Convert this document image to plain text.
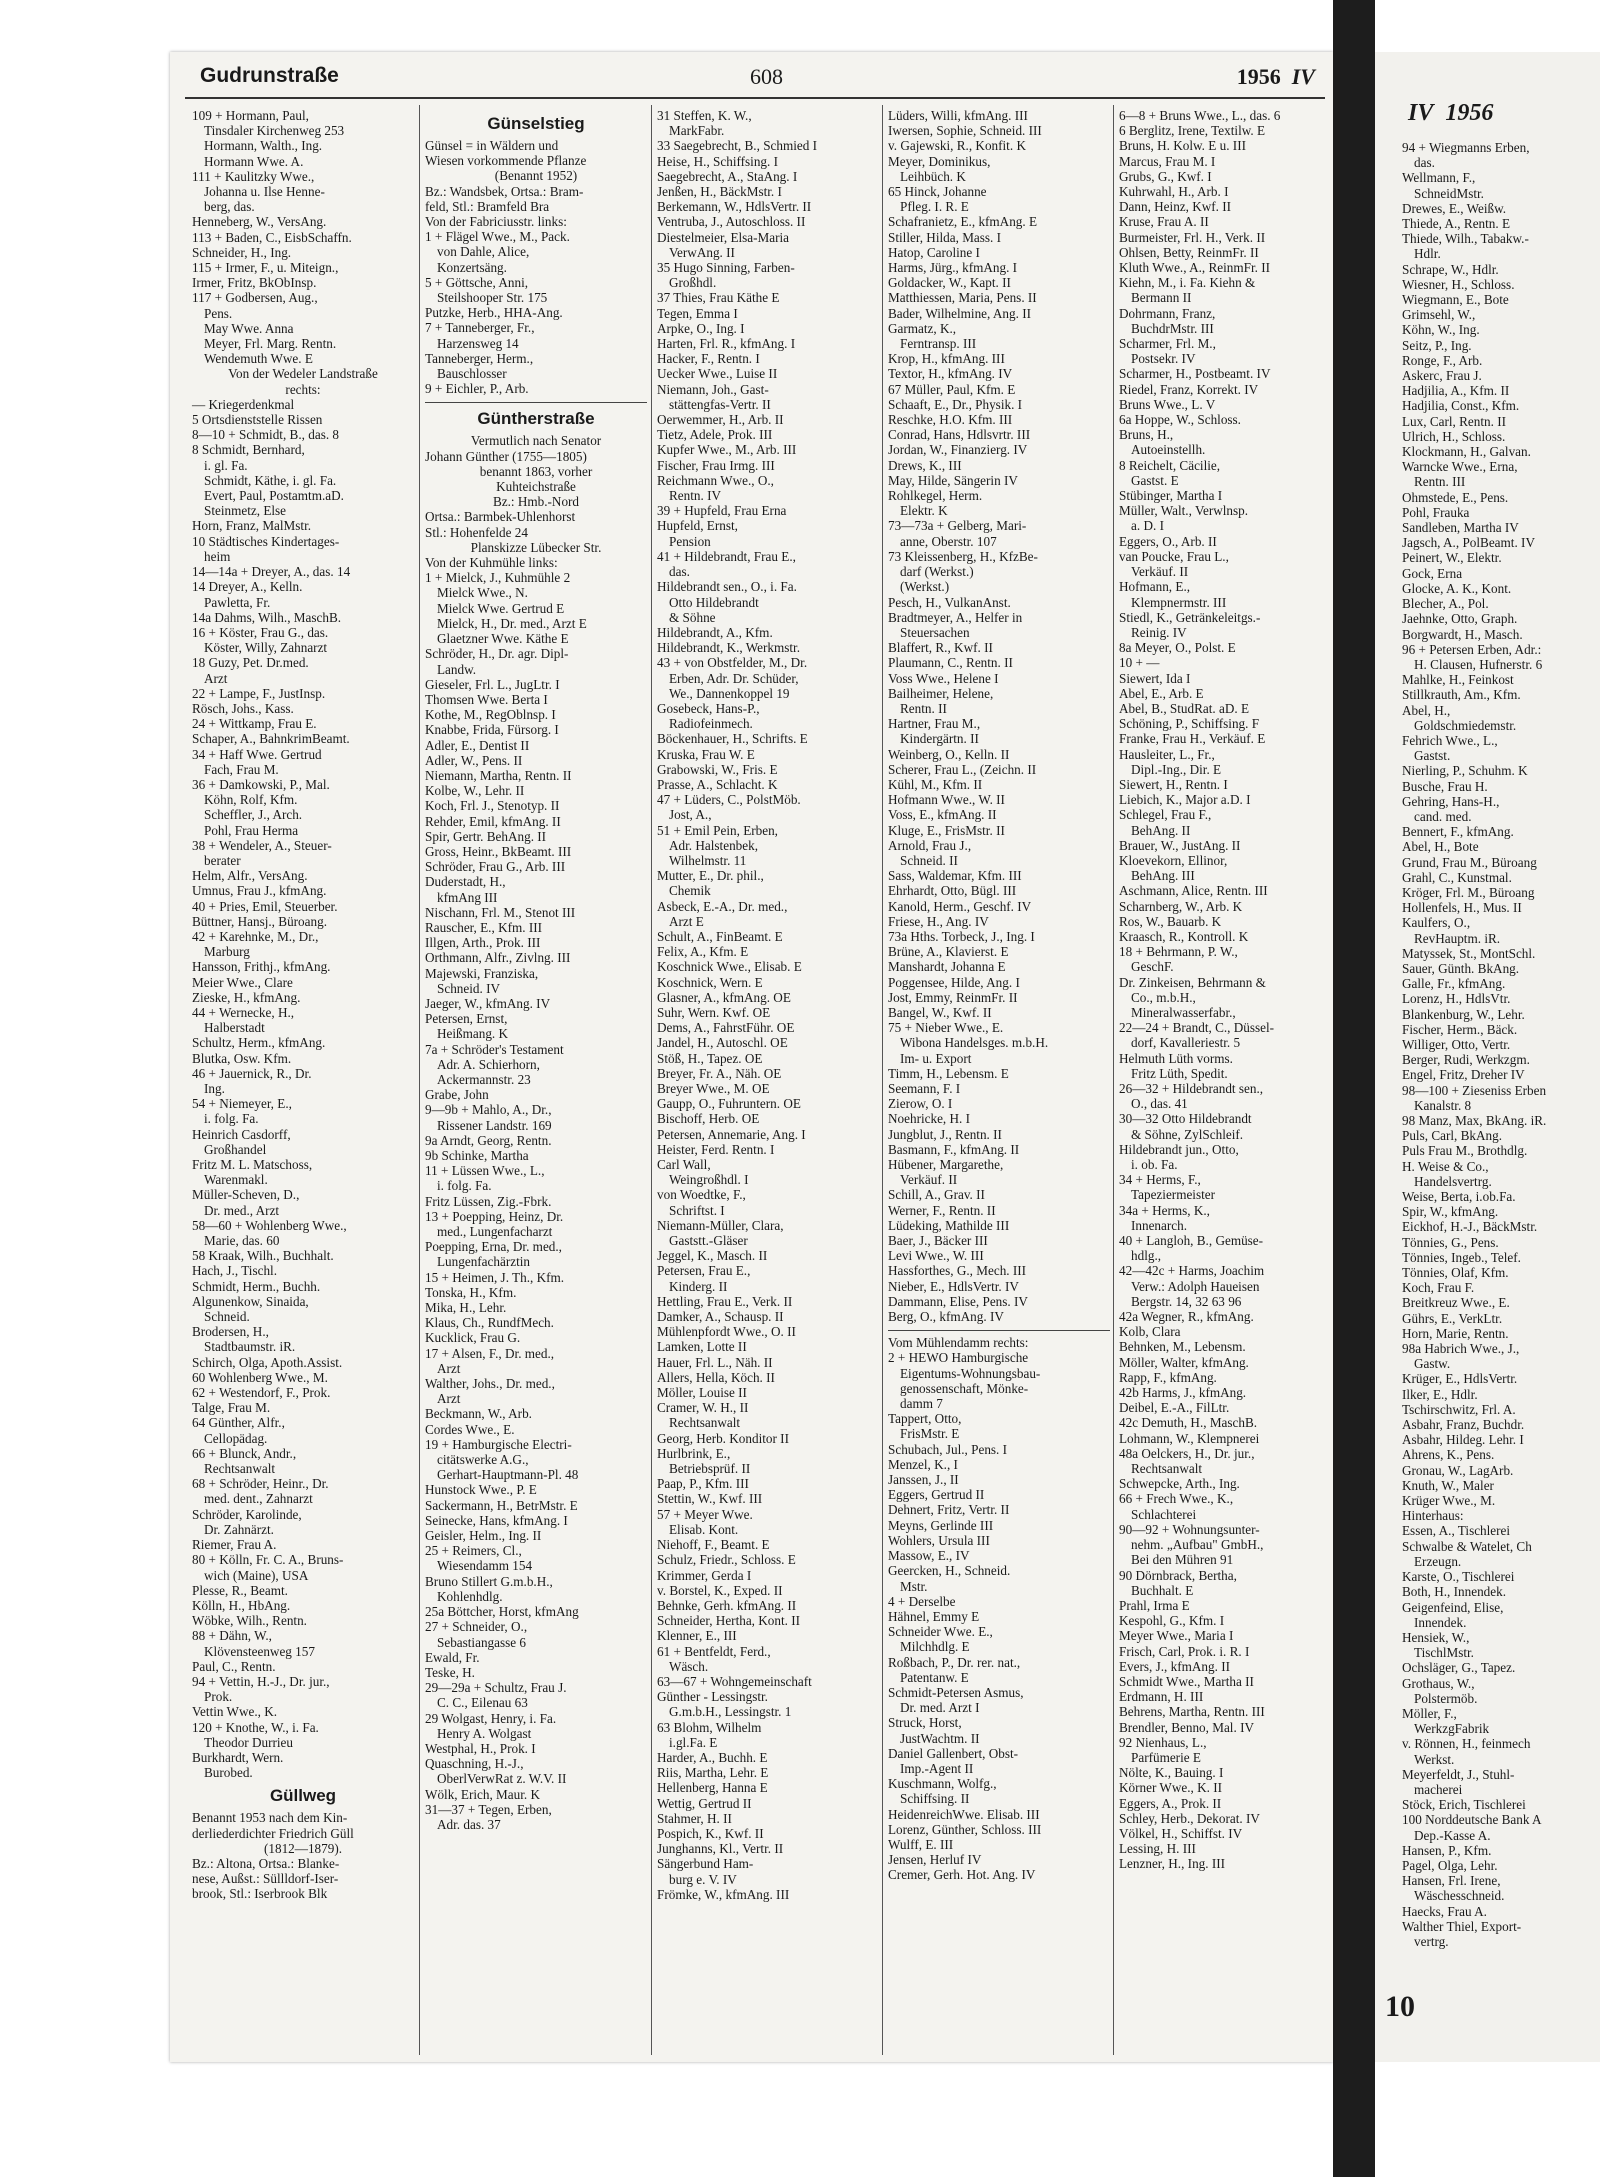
Gudrunstraße	608	1956 IV
IV 1956

109 + Hormann, Paul,

Tinsdaler Kirchenweg 253

Hormann, Walth., Ing.

Hormann Wwe. A.

111 + Kaulitzky Wwe.,

Johanna u. Ilse Henne-

berg, das.

Henneberg, W., VersAng.

113 + Baden, C., EisbSchaffn.

Schneider, H., Ing.

115 + Irmer, F., u. Miteign.,

Irmer, Fritz, BkObInsp.

117 + Godbersen, Aug.,

Pens.

May Wwe. Anna

Meyer, Frl. Marg. Rentn.

Wendemuth Wwe. E

Von der Wedeler Landstraße

rechts:

— Kriegerdenkmal

5 Ortsdienststelle Rissen

8—10 + Schmidt, B., das. 8

8 Schmidt, Bernhard,

i. gl. Fa.

Schmidt, Käthe, i. gl. Fa.

Evert, Paul, Postamtm.aD.

Steinmetz, Else

Horn, Franz, MalMstr.

10 Städtisches Kindertages-

heim

14—14a + Dreyer, A., das. 14

14 Dreyer, A., Kelln.

Pawletta, Fr.

14a Dahms, Wilh., MaschB.

16 + Köster, Frau G., das.

Köster, Willy, Zahnarzt

18 Guzy, Pet. Dr.med.

Arzt

22 + Lampe, F., JustInsp.

Rösch, Johs., Kass.

24 + Wittkamp, Frau E.

Schaper, A., BahnkrimBeamt.

34 + Haff Wwe. Gertrud

Fach, Frau M.

36 + Damkowski, P., Mal.

Köhn, Rolf, Kfm.

Scheffler, J., Arch.

Pohl, Frau Herma

38 + Wendeler, A., Steuer-

berater

Helm, Alfr., VersAng.

Umnus, Frau J., kfmAng.

40 + Pries, Emil, Steuerber.

Büttner, Hansj., Büroang.

42 + Karehnke, M., Dr.,

Marburg

Hansson, Frithj., kfmAng.

Meier Wwe., Clare

Zieske, H., kfmAng.

44 + Wernecke, H.,

Halberstadt

Schultz, Herm., kfmAng.

Blutka, Osw. Kfm.

46 + Jauernick, R., Dr.

Ing.

54 + Niemeyer, E.,

i. folg. Fa.

Heinrich Casdorff,

Großhandel

Fritz M. L. Matschoss,

Warenmakl.

Müller-Scheven, D.,

Dr. med., Arzt

58—60 + Wohlenberg Wwe.,

Marie, das. 60

58 Kraak, Wilh., Buchhalt.

Hach, J., Tischl.

Schmidt, Herm., Buchh.

Algunenkow, Sinaida,

Schneid.

Brodersen, H.,

Stadtbaumstr. iR.

Schirch, Olga, Apoth.Assist.

60 Wohlenberg Wwe., M.

62 + Westendorf, F., Prok.

Talge, Frau M.

64 Günther, Alfr.,

Cellopädag.

66 + Blunck, Andr.,

Rechtsanwalt

68 + Schröder, Heinr., Dr.

med. dent., Zahnarzt

Schröder, Karolinde,

Dr. Zahnärzt.

Riemer, Frau A.

80 + Kölln, Fr. C. A., Bruns-

wich (Maine), USA

Plesse, R., Beamt.

Kölln, H., HbAng.

Wöbke, Wilh., Rentn.

88 + Dähn, W.,

Klövensteenweg 157

Paul, C., Rentn.

94 + Vettin, H.-J., Dr. jur.,

Prok.

Vettin Wwe., K.

120 + Knothe, W., i. Fa.

Theodor Durrieu

Burkhardt, Wern.

Burobed.

Güllweg

Benannt 1953 nach dem Kin-

derliederdichter Friedrich Güll

(1812—1879).

Bz.: Altona, Ortsa.: Blanke-

nese, Außst.: Süllldorf-Iser-

brook, Stl.: Iserbrook Blk

Günselstieg

Günsel = in Wäldern und

Wiesen vorkommende Pflanze

(Benannt 1952)

Bz.: Wandsbek, Ortsa.: Bram-

feld, Stl.: Bramfeld Bra

Von der Fabriciusstr. links:

1 + Flägel Wwe., M., Pack.

von Dahle, Alice,

Konzertsäng.

5 + Göttsche, Anni,

Steilshooper Str. 175

Putzke, Herb., HHA-Ang.

7 + Tanneberger, Fr.,

Harzensweg 14

Tanneberger, Herm.,

Bauschlosser

9 + Eichler, P., Arb.

Güntherstraße

Vermutlich nach Senator

Johann Günther (1755—1805)

benannt 1863, vorher

Kuhteichstraße

Bz.: Hmb.-Nord

Ortsa.: Barmbek-Uhlenhorst

Stl.: Hohenfelde 24

Planskizze Lübecker Str.

Von der Kuhmühle links:

1 + Mielck, J., Kuhmühle 2

Mielck Wwe., N.

Mielck Wwe. Gertrud E

Mielck, H., Dr. med., Arzt E

Glaetzner Wwe. Käthe E

Schröder, H., Dr. agr. Dipl-

Landw.

Gieseler, Frl. L., JugLtr. I

Thomsen Wwe. Berta I

Kothe, M., RegOblnsp. I

Knabbe, Frida, Fürsorg. I

Adler, E., Dentist II

Adler, W., Pens. II

Niemann, Martha, Rentn. II

Kolbe, W., Lehr. II

Koch, Frl. J., Stenotyp. II

Rehder, Emil, kfmAng. II

Spir, Gertr. BehAng. II

Gross, Heinr., BkBeamt. III

Schröder, Frau G., Arb. III

Duderstadt, H.,

kfmAng III

Nischann, Frl. M., Stenot III

Rauscher, E., Kfm. III

Illgen, Arth., Prok. III

Orthmann, Alfr., Zivlng. III

Majewski, Franziska,

Schneid. IV

Jaeger, W., kfmAng. IV

Petersen, Ernst,

Heißmang. K

7a + Schröder's Testament

Adr. A. Schierhorn,

Ackermannstr. 23

Grabe, John

9—9b + Mahlo, A., Dr.,

Rissener Landstr. 169

9a Arndt, Georg, Rentn.

9b Schinke, Martha

11 + Lüssen Wwe., L.,

i. folg. Fa.

Fritz Lüssen, Zig.-Fbrk.

13 + Poepping, Heinz, Dr.

med., Lungenfacharzt

Poepping, Erna, Dr. med.,

Lungenfachärztin

15 + Heimen, J. Th., Kfm.

Tonska, H., Kfm.

Mika, H., Lehr.

Klaus, Ch., RundfMech.

Kucklick, Frau G.

17 + Alsen, F., Dr. med.,

Arzt

Walther, Johs., Dr. med.,

Arzt

Beckmann, W., Arb.

Cordes Wwe., E.

19 + Hamburgische Electri-

citätswerke A.G.,

Gerhart-Hauptmann-Pl. 48

Hunstock Wwe., P. E

Sackermann, H., BetrMstr. E

Seinecke, Hans, kfmAng. I

Geisler, Helm., Ing. II

25 + Reimers, Cl.,

Wiesendamm 154

Bruno Stillert G.m.b.H.,

Kohlenhdlg.

25a Böttcher, Horst, kfmAng

27 + Schneider, O.,

Sebastiangasse 6

Ewald, Fr.

Teske, H.

29—29a + Schultz, Frau J.

C. C., Eilenau 63

29 Wolgast, Henry, i. Fa.

Henry A. Wolgast

Westphal, H., Prok. I

Quaschning, H.-J.,

OberlVerwRat z. W.V. II

Wölk, Erich, Maur. K

31—37 + Tegen, Erben,

Adr. das. 37

31 Steffen, K. W.,

MarkFabr.

33 Saegebrecht, B., Schmied I

Heise, H., Schiffsing. I

Saegebrecht, A., StaAng. I

Jenßen, H., BäckMstr. I

Berkemann, W., HdlsVertr. II

Ventruba, J., Autoschloss. II

Diestelmeier, Elsa-Maria

VerwAng. II

35 Hugo Sinning, Farben-

Großhdl.

37 Thies, Frau Käthe E

Tegen, Emma I

Arpke, O., Ing. I

Harten, Frl. R., kfmAng. I

Hacker, F., Rentn. I

Uecker Wwe., Luise II

Niemann, Joh., Gast-

stättengfas-Vertr. II

Oerwemmer, H., Arb. II

Tietz, Adele, Prok. III

Kupfer Wwe., M., Arb. III

Fischer, Frau Irmg. III

Reichmann Wwe., O.,

Rentn. IV

39 + Hupfeld, Frau Erna

Hupfeld, Ernst,

Pension

41 + Hildebrandt, Frau E.,

das.

Hildebrandt sen., O., i. Fa.

Otto Hildebrandt

& Söhne

Hildebrandt, A., Kfm.

Hildebrandt, K., Werkmstr.

43 + von Obstfelder, M., Dr.

Erben, Adr. Dr. Schüder,

We., Dannenkoppel 19

Gosebeck, Hans-P.,

Radiofeinmech.

Böckenhauer, H., Schrifts. E

Kruska, Frau W. E

Grabowski, W., Fris. E

Prasse, A., Schlacht. K

47 + Lüders, C., PolstMöb.

Jost, A.,

51 + Emil Pein, Erben,

Adr. Halstenbek,

Wilhelmstr. 11

Mutter, E., Dr. phil.,

Chemik

Asbeck, E.-A., Dr. med.,

Arzt E

Schult, A., FinBeamt. E

Felix, A., Kfm. E

Koschnick Wwe., Elisab. E

Koschnick, Wern. E

Glasner, A., kfmAng. OE

Suhr, Wern. Kwf. OE

Dems, A., FahrstFühr. OE

Jandel, H., Autoschl. OE

Stöß, H., Tapez. OE

Breyer, Fr. A., Näh. OE

Breyer Wwe., M. OE

Gaupp, O., Fuhruntern. OE

Bischoff, Herb. OE

Petersen, Annemarie, Ang. I

Heister, Ferd. Rentn. I

Carl Wall,

Weingroßhdl. I

von Woedtke, F.,

Schriftst. I

Niemann-Müller, Clara,

Gaststt.-Gläser

Jeggel, K., Masch. II

Petersen, Frau E.,

Kinderg. II

Hettling, Frau E., Verk. II

Damker, A., Schausp. II

Mühlenpfordt Wwe., O. II

Lamken, Lotte II

Hauer, Frl. L., Näh. II

Allers, Hella, Köch. II

Möller, Louise II

Cramer, W. H., II

Rechtsanwalt

Georg, Herb. Konditor II

Hurlbrink, E.,

Betriebsprüf. II

Paap, P., Kfm. III

Stettin, W., Kwf. III

57 + Meyer Wwe.

Elisab. Kont.

Niehoff, F., Beamt. E

Schulz, Friedr., Schloss. E

Krimmer, Gerda I

v. Borstel, K., Exped. II

Behnke, Gerh. kfmAng. II

Schneider, Hertha, Kont. II

Klenner, E., III

61 + Bentfeldt, Ferd.,

Wäsch.

63—67 + Wohngemeinschaft

Günther - Lessingstr.

G.m.b.H., Lessingstr. 1

63 Blohm, Wilhelm

i.gl.Fa. E

Harder, A., Buchh. E

Riis, Martha, Lehr. E

Hellenberg, Hanna E

Wettig, Gertrud II

Stahmer, H. II

Pospich, K., Kwf. II

Junghanns, Kl., Vertr. II

Sängerbund Ham-

burg e. V. IV

Frömke, W., kfmAng. III

Lüders, Willi, kfmAng. III

Iwersen, Sophie, Schneid. III

v. Gajewski, R., Konfit. K

Meyer, Dominikus,

Leihbüch. K

65 Hinck, Johanne

Pfleg. I. R. E

Schafranietz, E., kfmAng. E

Stiller, Hilda, Mass. I

Hatop, Caroline I

Harms, Jürg., kfmAng. I

Goldacker, W., Kapt. II

Matthiessen, Maria, Pens. II

Bader, Wilhelmine, Ang. II

Garmatz, K.,

Ferntransp. III

Krop, H., kfmAng. III

Textor, H., kfmAng. IV

67 Müller, Paul, Kfm. E

Schaaft, E., Dr., Physik. I

Reschke, H.O. Kfm. III

Conrad, Hans, Hdlsvrtr. III

Jordan, W., Finanzierg. IV

Drews, K., III

May, Hilde, Sängerin IV

Rohlkegel, Herm.

Elektr. K

73—73a + Gelberg, Mari-

anne, Oberstr. 107

73 Kleissenberg, H., KfzBe-

darf (Werkst.)

(Werkst.)

Pesch, H., VulkanAnst.

Bradtmeyer, A., Helfer in

Steuersachen

Blaffert, R., Kwf. II

Plaumann, C., Rentn. II

Voss Wwe., Helene I

Bailheimer, Helene,

Rentn. II

Hartner, Frau M.,

Kindergärtn. II

Weinberg, O., Kelln. II

Scherer, Frau L., (Zeichn. II

Kühl, M., Kfm. II

Hofmann Wwe., W. II

Voss, E., kfmAng. II

Kluge, E., FrisMstr. II

Arnold, Frau J.,

Schneid. II

Sass, Waldemar, Kfm. III

Ehrhardt, Otto, Bügl. III

Kanold, Herm., Geschf. IV

Friese, H., Ang. IV

73a Hths. Torbeck, J., Ing. I

Brüne, A., Klavierst. E

Manshardt, Johanna E

Poggensee, Hilde, Ang. I

Jost, Emmy, ReinmFr. II

Bangel, W., Kwf. II

75 + Nieber Wwe., E.

Wibona Handelsges. m.b.H.

Im- u. Export

Timm, H., Lebensm. E

Seemann, F. I

Zierow, O. I

Noehricke, H. I

Jungblut, J., Rentn. II

Basmann, F., kfmAng. II

Hübener, Margarethe,

Verkäuf. II

Schill, A., Grav. II

Werner, F., Rentn. II

Lüdeking, Mathilde III

Baer, J., Bäcker III

Levi Wwe., W. III

Hassforthes, G., Mech. III

Nieber, E., HdlsVertr. IV

Dammann, Elise, Pens. IV

Berg, O., kfmAng. IV

Vom Mühlendamm rechts:

2 + HEWO Hamburgische

Eigentums-Wohnungsbau-

genossenschaft, Mönke-

damm 7

Tappert, Otto,

FrisMstr. E

Schubach, Jul., Pens. I

Menzel, K., I

Janssen, J., II

Eggers, Gertrud II

Dehnert, Fritz, Vertr. II

Meyns, Gerlinde III

Wohlers, Ursula III

Massow, E., IV

Geercken, H., Schneid.

Mstr.

4 + Derselbe

Hähnel, Emmy E

Schneider Wwe. E.,

Milchhdlg. E

Roßbach, P., Dr. rer. nat.,

Patentanw. E

Schmidt-Petersen Asmus,

Dr. med. Arzt I

Struck, Horst,

JustWachtm. II

Daniel Gallenbert, Obst-

Imp.-Agent II

Kuschmann, Wolfg.,

Schiffsing. II

HeidenreichWwe. Elisab. III

Lorenz, Günther, Schloss. III

Wulff, E. III

Jensen, Herluf IV

Cremer, Gerh. Hot. Ang. IV

6—8 + Bruns Wwe., L., das. 6

6 Berglitz, Irene, Textilw. E

Bruns, H. Kolw. E u. III

Marcus, Frau M. I

Grubs, G., Kwf. I

Kuhrwahl, H., Arb. I

Dann, Heinz, Kwf. II

Kruse, Frau A. II

Burmeister, Frl. H., Verk. II

Ohlsen, Betty, ReinmFr. II

Kluth Wwe., A., ReinmFr. II

Kiehn, M., i. Fa. Kiehn &

Bermann II

Dohrmann, Franz,

BuchdrMstr. III

Scharmer, Frl. M.,

Postsekr. IV

Scharmer, H., Postbeamt. IV

Riedel, Franz, Korrekt. IV

Bruns Wwe., L. V

6a Hoppe, W., Schloss.

Bruns, H.,

Autoeinstellh.

8 Reichelt, Cäcilie,

Gastst. E

Stübinger, Martha I

Müller, Walt., Verwlnsp.

a. D. I

Eggers, O., Arb. II

van Poucke, Frau L.,

Verkäuf. II

Hofmann, E.,

Klempnermstr. III

Stiedl, K., Getränkeleitgs.-

Reinig. IV

8a Meyer, O., Polst. E

10 + —

Siewert, Ida I

Abel, E., Arb. E

Abel, B., StudRat. aD. E

Schöning, P., Schiffsing. F

Franke, Frau H., Verkäuf. E

Hausleiter, L., Fr.,

Dipl.-Ing., Dir. E

Siewert, H., Rentn. I

Liebich, K., Major a.D. I

Schlegel, Frau F.,

BehAng. II

Brauer, W., JustAng. II

Kloevekorn, Ellinor,

BehAng. III

Aschmann, Alice, Rentn. III

Scharnberg, W., Arb. K

Ros, W., Bauarb. K

Kraasch, R., Kontroll. K

18 + Behrmann, P. W.,

GeschF.

Dr. Zinkeisen, Behrmann &

Co., m.b.H.,

Mineralwasserfabr.,

22—24 + Brandt, C., Düssel-

dorf, Kavalleriestr. 5

Helmuth Lüth vorms.

Fritz Lüth, Spedit.

26—32 + Hildebrandt sen.,

O., das. 41

30—32 Otto Hildebrandt

& Söhne, ZylSchleif.

Hildebrandt jun., Otto,

i. ob. Fa.

34 + Herms, F.,

Tapeziermeister

34a + Herms, K.,

Innenarch.

40 + Langloh, B., Gemüse-

hdlg.,

42—42c + Harms, Joachim

Verw.: Adolph Haueisen

Bergstr. 14, 32 63 96

42a Wegner, R., kfmAng.

Kolb, Clara

Behnken, M., Lebensm.

Möller, Walter, kfmAng.

Rapp, F., kfmAng.

42b Harms, J., kfmAng.

Deibel, E.-A., FilLtr.

42c Demuth, H., MaschB.

Lohmann, W., Klempnerei

48a Oelckers, H., Dr. jur.,

Rechtsanwalt

Schwepcke, Arth., Ing.

66 + Frech Wwe., K.,

Schlachterei

90—92 + Wohnungsunter-

nehm. „Aufbau" GmbH.,

Bei den Mühren 91

90 Dörnbrack, Bertha,

Buchhalt. E

Prahl, Irma E

Kespohl, G., Kfm. I

Meyer Wwe., Maria I

Frisch, Carl, Prok. i. R. I

Evers, J., kfmAng. II

Schmidt Wwe., Martha II

Erdmann, H. III

Behrens, Martha, Rentn. III

Brendler, Benno, Mal. IV

92 Nienhaus, L.,

Parfümerie E

Nölte, K., Bauing. I

Körner Wwe., K. II

Eggers, A., Prok. II

Schley, Herb., Dekorat. IV

Völkel, H., Schiffst. IV

Lessing, H. III

Lenzner, H., Ing. III

94 + Wiegmanns Erben,

das.

Wellmann, F.,

SchneidMstr.

Drewes, E., Weißw.

Thiede, A., Rentn. E

Thiede, Wilh., Tabakw.-

Hdlr.

Schrape, W., Hdlr.

Wiesner, H., Schloss.

Wiegmann, E., Bote

Grimsehl, W.,

Köhn, W., Ing.

Seitz, P., Ing.

Ronge, F., Arb.

Askerc, Frau J.

Hadjilia, A., Kfm. II

Hadjilia, Const., Kfm.

Lux, Carl, Rentn. II

Ulrich, H., Schloss.

Klockmann, H., Galvan.

Warncke Wwe., Erna,

Rentn. III

Ohmstede, E., Pens.

Pohl, Frauka

Sandleben, Martha IV

Jagsch, A., PolBeamt. IV

Peinert, W., Elektr.

Gock, Erna

Glocke, A. K., Kont.

Blecher, A., Pol.

Jaehnke, Otto, Graph.

Borgwardt, H., Masch.

96 + Petersen Erben, Adr.:

H. Clausen, Hufnerstr. 6

Mahlke, H., Feinkost

Stillkrauth, Am., Kfm.

Abel, H.,

Goldschmiedemstr.

Fehrich Wwe., L.,

Gastst.

Nierling, P., Schuhm. K

Busche, Frau H.

Gehring, Hans-H.,

cand. med.

Bennert, F., kfmAng.

Abel, H., Bote

Grund, Frau M., Büroang

Grahl, C., Kunstmal.

Kröger, Frl. M., Büroang

Hollenfels, H., Mus. II

Kaulfers, O.,

RevHauptm. iR.

Matyssek, St., MontSchl.

Sauer, Günth. BkAng.

Galle, Fr., kfmAng.

Lorenz, H., HdlsVtr.

Blankenburg, W., Lehr.

Fischer, Herm., Bäck.

Williger, Otto, Vertr.

Berger, Rudi, Werkzgm.

Engel, Fritz, Dreher IV

98—100 + Zieseniss Erben

Kanalstr. 8

98 Manz, Max, BkAng. iR.

Puls, Carl, BkAng.

Puls Frau M., Brothdlg.

H. Weise & Co.,

Handelsvertrg.

Weise, Berta, i.ob.Fa.

Spir, W., kfmAng.

Eickhof, H.-J., BäckMstr.

Tönnies, G., Pens.

Tönnies, Ingeb., Telef.

Tönnies, Olaf, Kfm.

Koch, Frau F.

Breitkreuz Wwe., E.

Gührs, E., VerkLtr.

Horn, Marie, Rentn.

98a Habrich Wwe., J.,

Gastw.

Krüger, E., HdlsVertr.

Ilker, E., Hdlr.

Tschirschwitz, Frl. A.

Asbahr, Franz, Buchdr.

Asbahr, Hildeg. Lehr. I

Ahrens, K., Pens.

Gronau, W., LagArb.

Knuth, W., Maler

Krüger Wwe., M.

Hinterhaus:

Essen, A., Tischlerei

Schwalbe & Watelet, Ch

Erzeugn.

Karste, O., Tischlerei

Both, H., Innendek.

Geigenfeind, Elise,

Innendek.

Hensiek, W.,

TischlMstr.

Ochsläger, G., Tapez.

Grothaus, W.,

Polstermöb.

Möller, F.,

WerkzgFabrik

v. Rönnen, H., feinmech

Werkst.

Meyerfeldt, J., Stuhl-

macherei

Stöck, Erich, Tischlerei

100 Norddeutsche Bank A

Dep.-Kasse A.

Hansen, P., Kfm.

Pagel, Olga, Lehr.

Hansen, Frl. Irene,

Wäschesschneid.

Haecks, Frau A.

Walther Thiel, Export-

vertrg.

10
